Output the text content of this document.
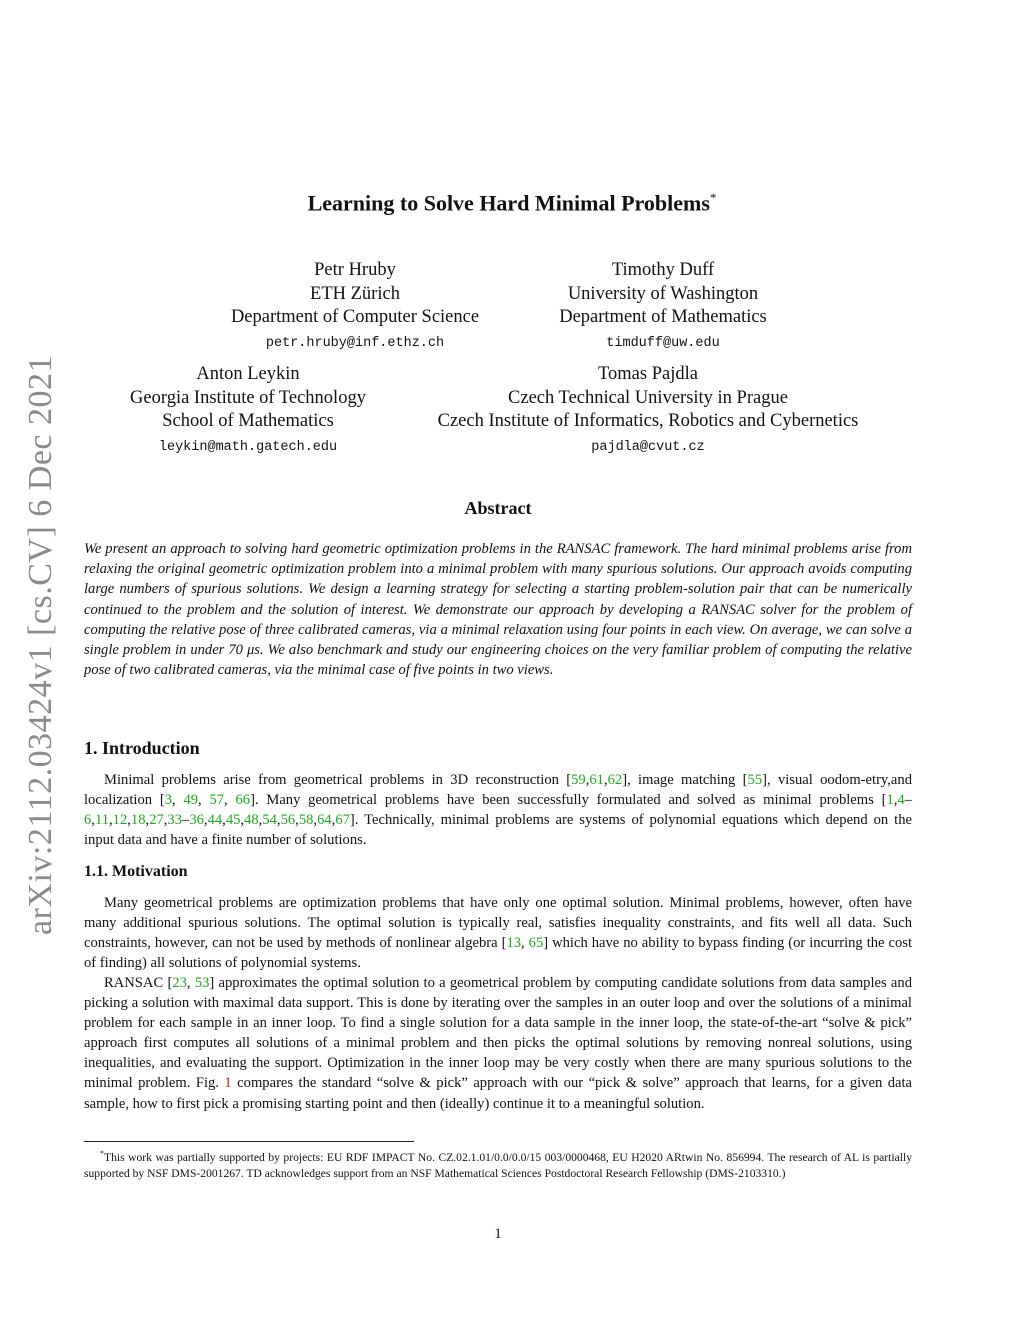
arXiv:2112.03424v1 [cs.CV] 6 Dec 2021
Learning to Solve Hard Minimal Problems*
Petr Hruby
ETH Zürich
Department of Computer Science
petr.hruby@inf.ethz.ch
Timothy Duff
University of Washington
Department of Mathematics
timduff@uw.edu
Anton Leykin
Georgia Institute of Technology
School of Mathematics
leykin@math.gatech.edu
Tomas Pajdla
Czech Technical University in Prague
Czech Institute of Informatics, Robotics and Cybernetics
pajdla@cvut.cz
Abstract
We present an approach to solving hard geometric optimization problems in the RANSAC framework. The hard minimal problems arise from relaxing the original geometric optimization problem into a minimal problem with many spurious solutions. Our approach avoids computing large numbers of spurious solutions. We design a learning strategy for selecting a starting problem-solution pair that can be numerically continued to the problem and the solution of interest. We demonstrate our approach by developing a RANSAC solver for the problem of computing the relative pose of three calibrated cameras, via a minimal relaxation using four points in each view. On average, we can solve a single problem in under 70 μs. We also benchmark and study our engineering choices on the very familiar problem of computing the relative pose of two calibrated cameras, via the minimal case of five points in two views.
1. Introduction
Minimal problems arise from geometrical problems in 3D reconstruction [59,61,62], image matching [55], visual oodom-etry,and localization [3, 49, 57, 66]. Many geometrical problems have been successfully formulated and solved as minimal problems [1,4–6,11,12,18,27,33–36,44,45,48,54,56,58,64,67]. Technically, minimal problems are systems of polynomial equations which depend on the input data and have a finite number of solutions.
1.1. Motivation
Many geometrical problems are optimization problems that have only one optimal solution. Minimal problems, however, often have many additional spurious solutions. The optimal solution is typically real, satisfies inequality constraints, and fits well all data. Such constraints, however, can not be used by methods of nonlinear algebra [13, 65] which have no ability to bypass finding (or incurring the cost of finding) all solutions of polynomial systems.
RANSAC [23, 53] approximates the optimal solution to a geometrical problem by computing candidate solutions from data samples and picking a solution with maximal data support. This is done by iterating over the samples in an outer loop and over the solutions of a minimal problem for each sample in an inner loop. To find a single solution for a data sample in the inner loop, the state-of-the-art “solve & pick” approach first computes all solutions of a minimal problem and then picks the optimal solutions by removing nonreal solutions, using inequalities, and evaluating the support. Optimization in the inner loop may be very costly when there are many spurious solutions to the minimal problem. Fig. 1 compares the standard “solve & pick” approach with our “pick & solve” approach that learns, for a given data sample, how to first pick a promising starting point and then (ideally) continue it to a meaningful solution.
*This work was partially supported by projects: EU RDF IMPACT No. CZ.02.1.01/0.0/0.0/15 003/0000468, EU H2020 ARtwin No. 856994. The research of AL is partially supported by NSF DMS-2001267. TD acknowledges support from an NSF Mathematical Sciences Postdoctoral Research Fellowship (DMS-2103310.)
1
